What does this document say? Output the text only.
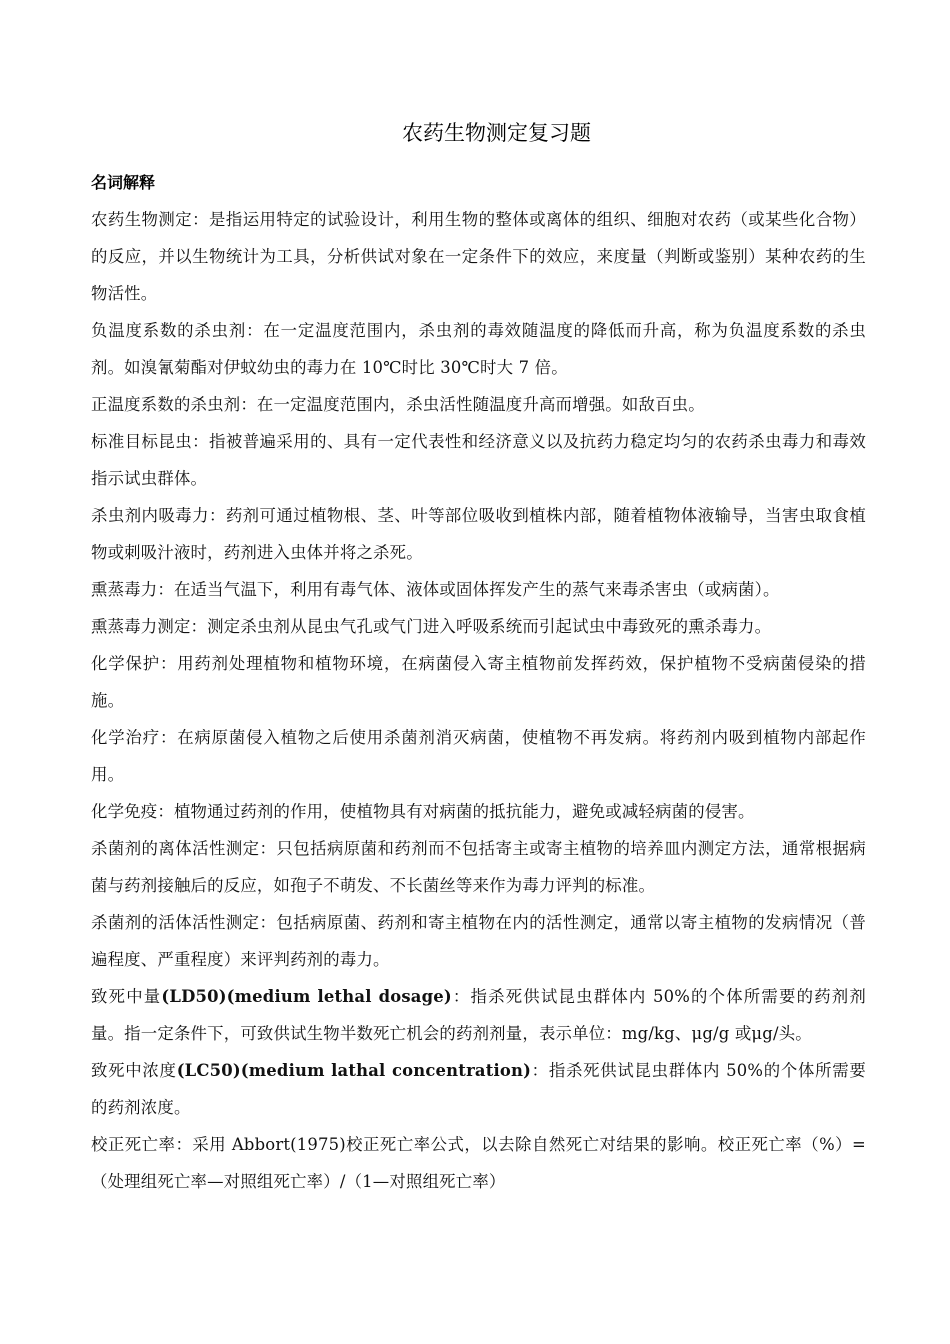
农药生物测定复习题
名词解释

农药生物测定：是指运用特定的试验设计，利用生物的整体或离体的组织、细胞对农药（或某些化合物）的反应，并以生物统计为工具，分析供试对象在一定条件下的效应，来度量（判断或鉴别）某种农药的生物活性。

负温度系数的杀虫剂：在一定温度范围内，杀虫剂的毒效随温度的降低而升高，称为负温度系数的杀虫剂。如溴氰菊酯对伊蚊幼虫的毒力在 10℃时比 30℃时大 7 倍。

正温度系数的杀虫剂：在一定温度范围内，杀虫活性随温度升高而增强。如敌百虫。

标准目标昆虫：指被普遍采用的、具有一定代表性和经济意义以及抗药力稳定均匀的农药杀虫毒力和毒效指示试虫群体。

杀虫剂内吸毒力：药剂可通过植物根、茎、叶等部位吸收到植株内部，随着植物体液输导，当害虫取食植物或刺吸汁液时，药剂进入虫体并将之杀死。

熏蒸毒力：在适当气温下，利用有毒气体、液体或固体挥发产生的蒸气来毒杀害虫（或病菌）。

熏蒸毒力测定：测定杀虫剂从昆虫气孔或气门进入呼吸系统而引起试虫中毒致死的熏杀毒力。

化学保护：用药剂处理植物和植物环境，在病菌侵入寄主植物前发挥药效，保护植物不受病菌侵染的措施。

化学治疗：在病原菌侵入植物之后使用杀菌剂消灭病菌，使植物不再发病。将药剂内吸到植物内部起作用。

化学免疫：植物通过药剂的作用，使植物具有对病菌的抵抗能力，避免或减轻病菌的侵害。

杀菌剂的离体活性测定：只包括病原菌和药剂而不包括寄主或寄主植物的培养皿内测定方法，通常根据病菌与药剂接触后的反应，如孢子不萌发、不长菌丝等来作为毒力评判的标准。

杀菌剂的活体活性测定：包括病原菌、药剂和寄主植物在内的活性测定，通常以寄主植物的发病情况（普遍程度、严重程度）来评判药剂的毒力。

致死中量(LD50)(medium lethal dosage)：指杀死供试昆虫群体内 50%的个体所需要的药剂剂量。指一定条件下，可致供试生物半数死亡机会的药剂剂量，表示单位：mg/kg、μg/g 或μg/头。

致死中浓度(LC50)(medium lathal concentration)：指杀死供试昆虫群体内 50%的个体所需要的药剂浓度。

校正死亡率：采用 Abbort(1975)校正死亡率公式，以去除自然死亡对结果的影响。校正死亡率（%）=（处理组死亡率—对照组死亡率）/（1—对照组死亡率）
